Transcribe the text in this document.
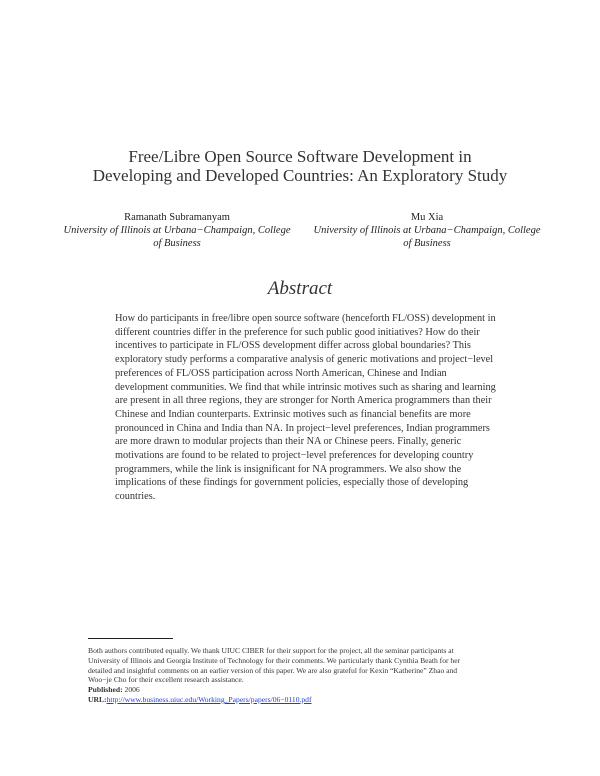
Free/Libre Open Source Software Development in
Developing and Developed Countries: An Exploratory Study
Ramanath Subramanyam
University of Illinois at Urbana−Champaign, College
of Business
Mu Xia
University of Illinois at Urbana−Champaign, College
of Business
Abstract
How do participants in free/libre open source software (henceforth FL/OSS) development in
different countries differ in the preference for such public good initiatives? How do their
incentives to participate in FL/OSS development differ across global boundaries? This
exploratory study performs a comparative analysis of generic motivations and project−level
preferences of FL/OSS participation across North American, Chinese and Indian
development communities. We find that while intrinsic motives such as sharing and learning
are present in all three regions, they are stronger for North America programmers than their
Chinese and Indian counterparts. Extrinsic motives such as financial benefits are more
pronounced in China and India than NA. In project−level preferences, Indian programmers
are more drawn to modular projects than their NA or Chinese peers. Finally, generic
motivations are found to be related to project−level preferences for developing country
programmers, while the link is insignificant for NA programmers. We also show the
implications of these findings for government policies, especially those of developing
countries.
Both authors contributed equally. We thank UIUC CIBER for their support for the project, all the seminar participants at
University of Illinois and Georgia Institute of Technology for their comments. We particularly thank Cynthia Beath for her
detailed and insightful comments on an earlier version of this paper. We are also grateful for Kexin “Katherine” Zhao and
Woo−je Cho for their excellent research assistance.
Published: 2006
URL:http://www.business.uiuc.edu/Working_Papers/papers/06−0110.pdf
